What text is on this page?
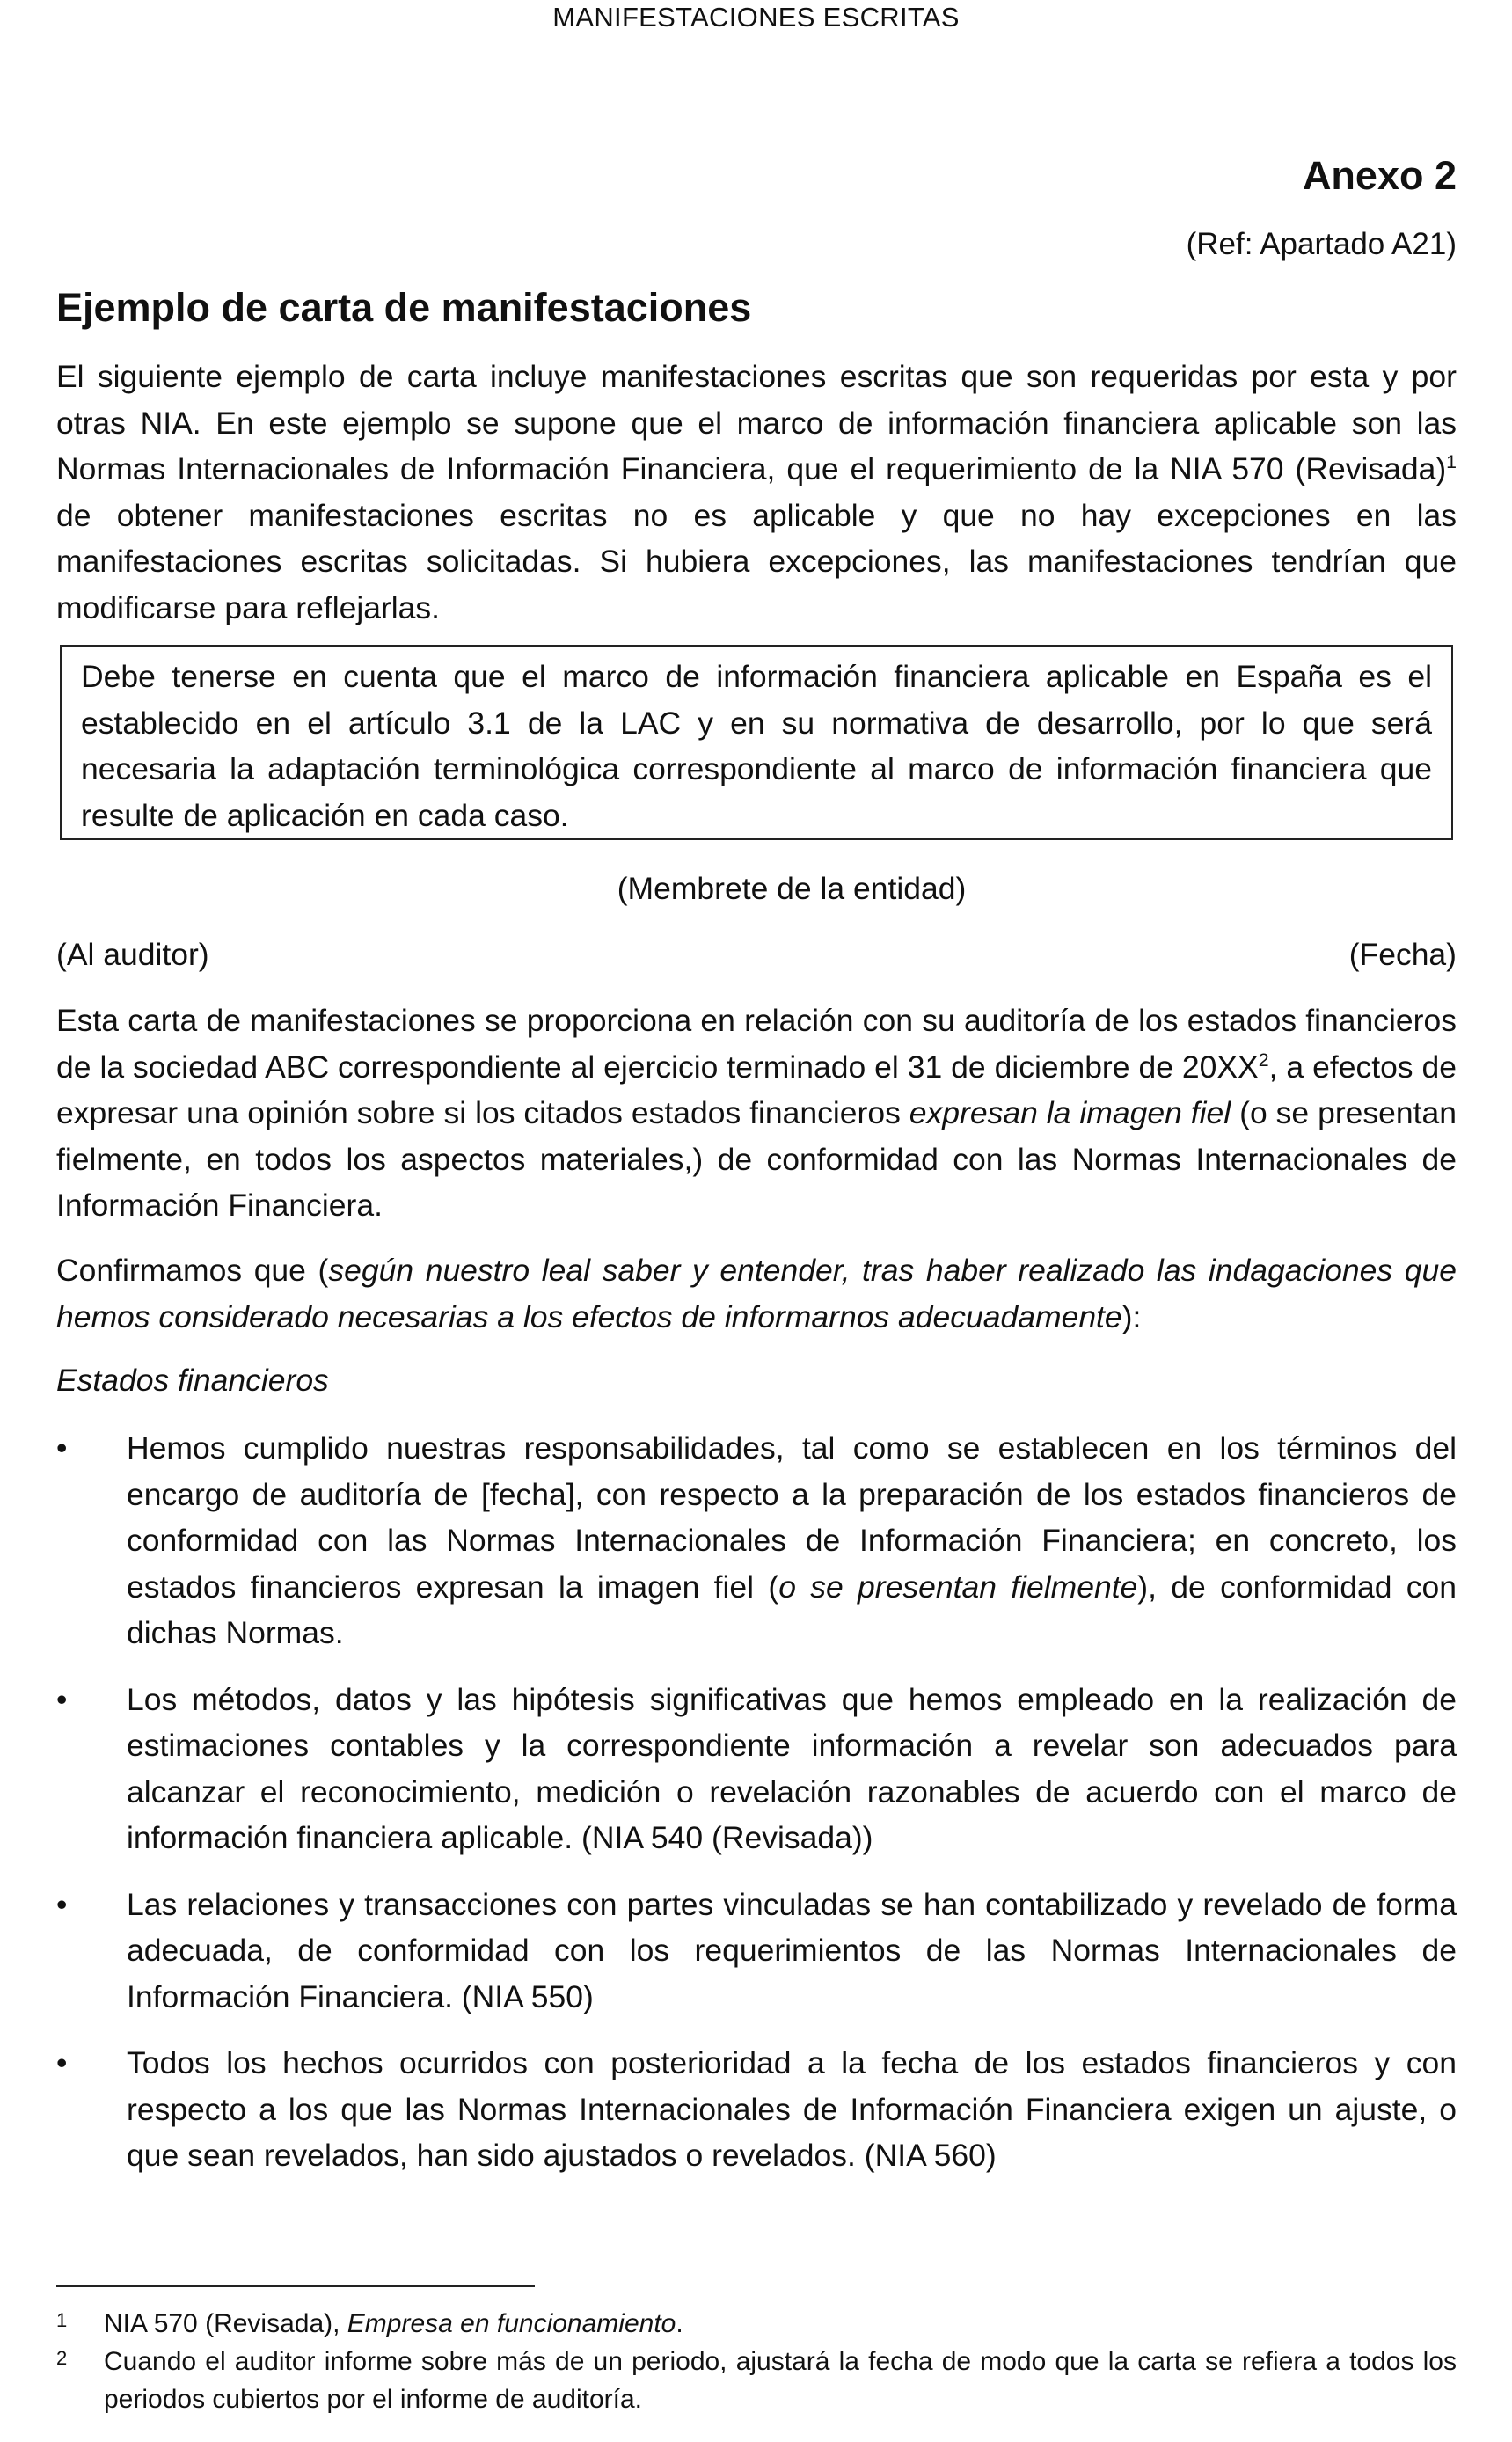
MANIFESTACIONES ESCRITAS
Anexo 2
(Ref: Apartado A21)
Ejemplo de carta de manifestaciones

El siguiente ejemplo de carta incluye manifestaciones escritas que son requeridas por esta y por otras NIA. En este ejemplo se supone que el marco de información financiera aplicable son las Normas Internacionales de Información Financiera, que el requerimiento de la NIA 570 (Revisada)$^1$ de obtener manifestaciones escritas no es aplicable y que no hay excepciones en las manifestaciones escritas solicitadas. Si hubiera excepciones, las manifestaciones tendrían que modificarse para reflejarlas.

Debe tenerse en cuenta que el marco de información financiera aplicable en España es el establecido en el artículo 3.1 de la LAC y en su normativa de desarrollo, por lo que será necesaria la adaptación terminológica correspondiente al marco de información financiera que resulte de aplicación en cada caso.

(Membrete de la entidad)
(Al auditor)	(Fecha)

Esta carta de manifestaciones se proporciona en relación con su auditoría de los estados financieros de la sociedad ABC correspondiente al ejercicio terminado el 31 de diciembre de $20XX^2$, a efectos de expresar una opinión sobre si los citados estados financieros expresan la imagen fiel (o se presentan fielmente, en todos los aspectos materiales,) de conformidad con las Normas Internacionales de Información Financiera.

Confirmamos que (según nuestro leal saber y entender, tras haber realizado las indagaciones que hemos considerado necesarias a los efectos de informarnos adecuadamente):

Estados financieros
• Hemos cumplido nuestras responsabilidades, tal como se establecen en los términos del encargo de auditoría de [fecha], con respecto a la preparación de los estados financieros de conformidad con las Normas Internacionales de Información Financiera; en concreto, los estados financieros expresan la imagen fiel (o se presentan fielmente), de conformidad con dichas Normas.

• Los métodos, datos y las hipótesis significativas que hemos empleado en la realización de estimaciones contables y la correspondiente información a revelar son adecuados para alcanzar el reconocimiento, medición o revelación razonables de acuerdo con el marco de información financiera aplicable. (NIA 540 (Revisada))

• Las relaciones y transacciones con partes vinculadas se han contabilizado y revelado de forma adecuada, de conformidad con los requerimientos de las Normas Internacionales de Información Financiera. (NIA 550)

• Todos los hechos ocurridos con posterioridad a la fecha de los estados financieros y con respecto a los que las Normas Internacionales de Información Financiera exigen un ajuste, o que sean revelados, han sido ajustados o revelados. (NIA 560)

1 NIA 570 (Revisada), Empresa en funcionamiento.
2 Cuando el auditor informe sobre más de un periodo, ajustará la fecha de modo que la carta se refiera a todos los periodos cubiertos por el informe de auditoría.
